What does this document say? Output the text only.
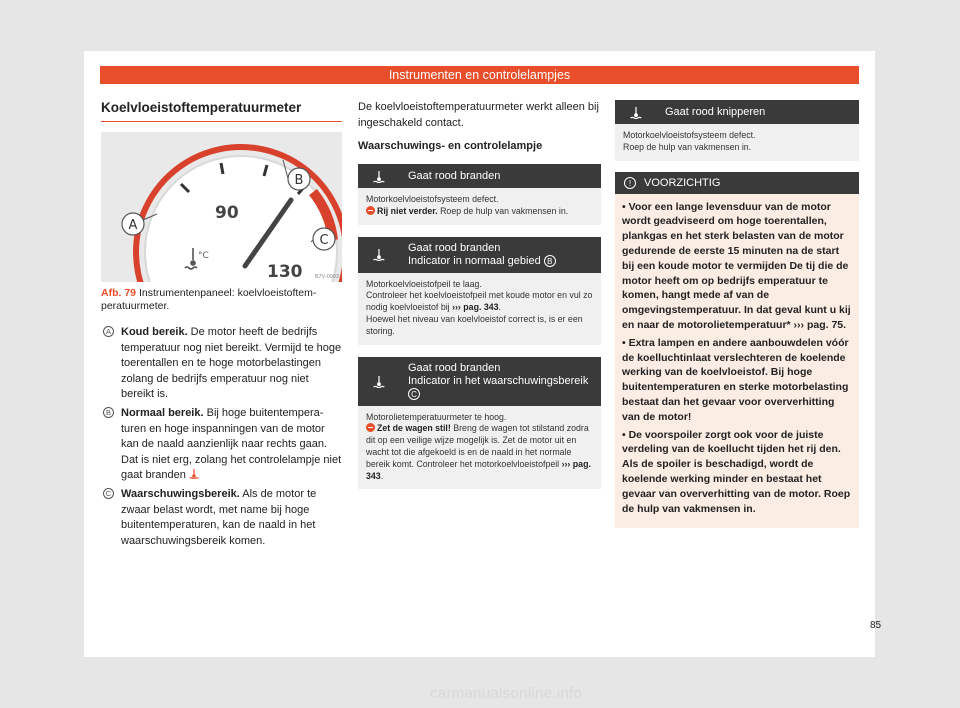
Instrumenten en controlelampjes
Koelvloeistoftemperatuurmeter
90
130
°C
A
B
C
B7V-0993
Afb. 79 Instrumentenpaneel: koelvloeistoftemperatuurmeter.
A Koud bereik. De motor heeft de bedrijfs temperatuur nog niet bereikt. Vermijd te hoge toerentallen en te hoge motorbelastingen zolang de bedrijfs emperatuur nog niet bereikt is.
B Normaal bereik. Bij hoge buitentemperaturen en hoge inspanningen van de motor kan de naald aanzienlijk naar rechts gaan. Dat is niet erg, zolang het controlelampje niet gaat branden
C Waarschuwingsbereik. Als de motor te zwaar belast wordt, met name bij hoge buitentemperaturen, kan de naald in het waarschuwingsbereik komen.

De koelvloeistoftemperatuurmeter werkt alleen bij ingeschakeld contact.

Waarschuwings- en controlelampje

Gaat rood branden
Motorkoelvloeistofsysteem defect.
Rij niet verder. Roep de hulp van vakmensen in.
Gaat rood branden
Indicator in normaal gebied B
Motorkoelvloeistofpeil te laag.
Controleer het koelvloeistofpeil met koude motor en vul zo nodig koelvloeistof bij ››› pag. 343.
Hoewel het niveau van koelvloeistof correct is, is er een storing.
Gaat rood branden
Indicator in het waarschuwingsbereik C
Motorolietemperatuurmeter te hoog.
Zet de wagen stil! Breng de wagen tot stilstand zodra dit op een veilige wijze mogelijk is. Zet de motor uit en wacht tot die afgekoeld is en de naald in het normale bereik komt. Controleer het motorkoelvloeistofpeil ››› pag. 343.
Gaat rood knipperen
Motorkoelvloeistofsysteem defect.
Roep de hulp van vakmensen in.
!	VOORZICHTIG

• Voor een lange levensduur van de motor wordt geadviseerd om hoge toerentallen, plankgas en het sterk belasten van de motor gedurende de eerste 15 minuten na de start bij een koude motor te vermijden De tij die de motor heeft om op bedrijfs emperatuur te komen, hangt mede af van de omgevingstemperatuur. In dat geval kunt u kij en naar de motorolietemperatuur* ››› pag. 75.

• Extra lampen en andere aanbouwdelen vóór de koelluchtinlaat verslechteren de koelende werking van de koelvloeistof. Bij hoge buitentemperaturen en sterke motorbelasting bestaat dan het gevaar voor oververhitting van de motor!

• De voorspoiler zorgt ook voor de juiste verdeling van de koellucht tijden het rij den. Als de spoiler is beschadigd, wordt de koelende werking minder en bestaat het gevaar van oververhitting van de motor. Roep de hulp van vakmensen in.

85
carmanualsonline.info
